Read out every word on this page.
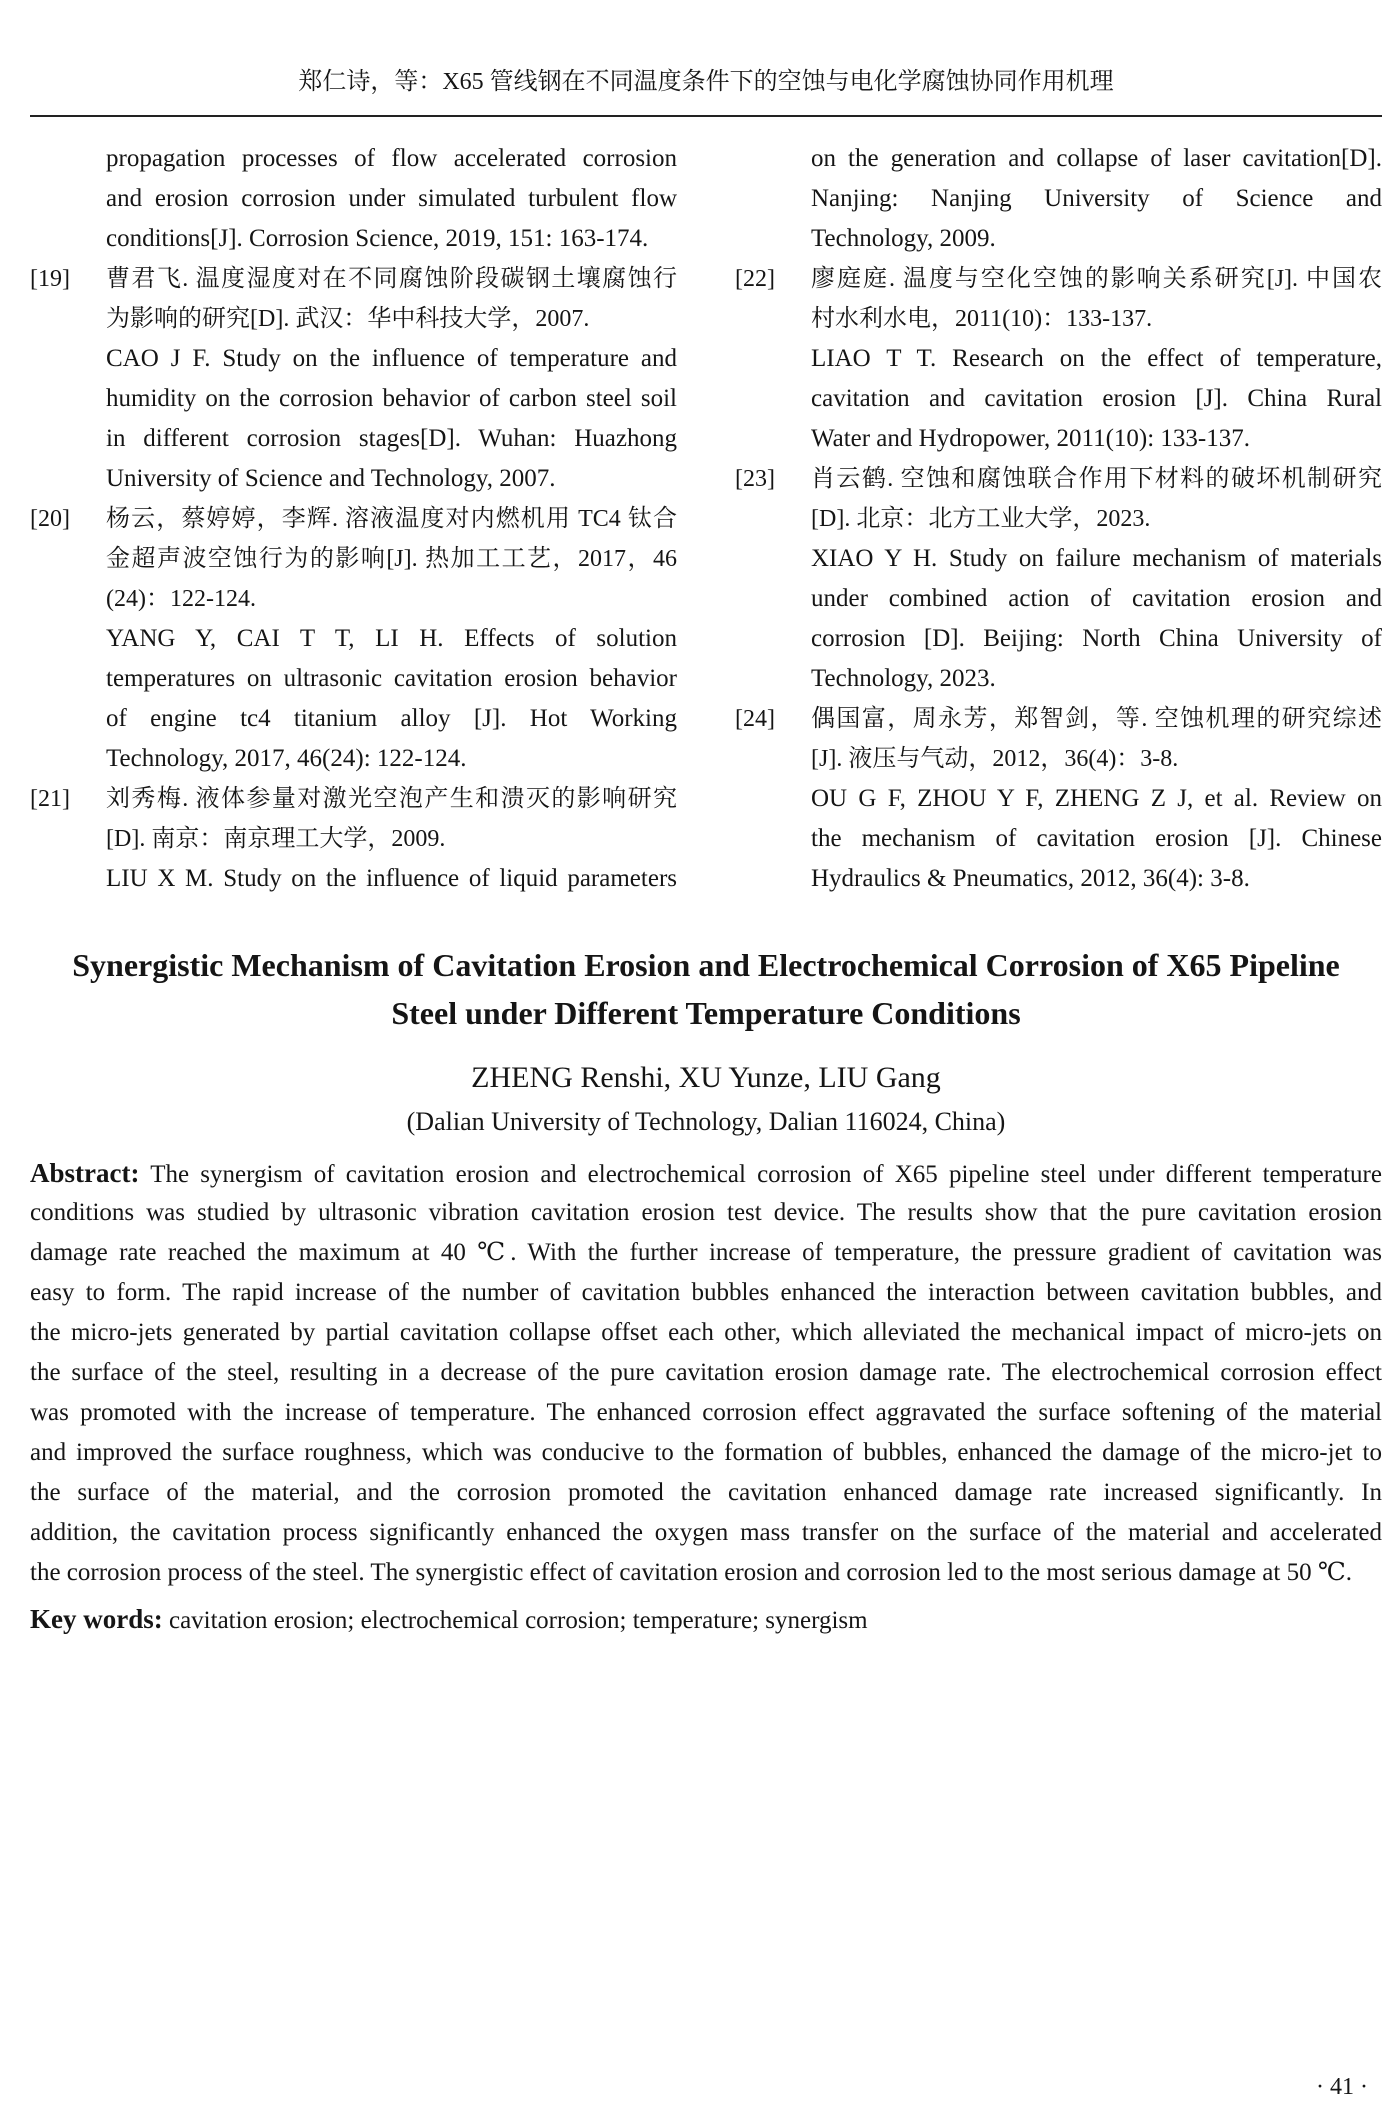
郑仁诗，等：X65 管线钢在不同温度条件下的空蚀与电化学腐蚀协同作用机理
propagation processes of flow accelerated corrosion
and erosion corrosion under simulated turbulent flow
conditions[J]. Corrosion Science, 2019, 151: 163-174.
[19] 曹君飞. 温度湿度对在不同腐蚀阶段碳钢土壤腐蚀行
为影响的研究[D]. 武汉：华中科技大学，2007.
CAO J F. Study on the influence of temperature and
humidity on the corrosion behavior of carbon steel soil
in different corrosion stages[D]. Wuhan: Huazhong
University of Science and Technology, 2007.
[20] 杨云，蔡婷婷，李辉. 溶液温度对内燃机用 TC4 钛合
金超声波空蚀行为的影响[J]. 热加工工艺，2017，46
(24)：122-124.
YANG Y, CAI T T, LI H. Effects of solution
temperatures on ultrasonic cavitation erosion behavior
of engine tc4 titanium alloy [J]. Hot Working
Technology, 2017, 46(24): 122-124.
[21] 刘秀梅. 液体参量对激光空泡产生和溃灭的影响研究
[D]. 南京：南京理工大学，2009.
LIU X M. Study on the influence of liquid parameters
on the generation and collapse of laser cavitation[D].
Nanjing: Nanjing University of Science and
Technology, 2009.
[22] 廖庭庭. 温度与空化空蚀的影响关系研究[J]. 中国农
村水利水电，2011(10)：133-137.
LIAO T T. Research on the effect of temperature,
cavitation and cavitation erosion [J]. China Rural
Water and Hydropower, 2011(10): 133-137.
[23] 肖云鹤. 空蚀和腐蚀联合作用下材料的破坏机制研究
[D]. 北京：北方工业大学，2023.
XIAO Y H. Study on failure mechanism of materials
under combined action of cavitation erosion and
corrosion [D]. Beijing: North China University of
Technology, 2023.
[24] 偶国富，周永芳，郑智剑，等. 空蚀机理的研究综述
[J]. 液压与气动，2012，36(4)：3-8.
OU G F, ZHOU Y F, ZHENG Z J, et al. Review on
the mechanism of cavitation erosion [J]. Chinese
Hydraulics & Pneumatics, 2012, 36(4): 3-8.
Synergistic Mechanism of Cavitation Erosion and Electrochemical Corrosion of X65 Pipeline
Steel under Different Temperature Conditions
ZHENG Renshi, XU Yunze, LIU Gang
(Dalian University of Technology, Dalian 116024, China)
Abstract: The synergism of cavitation erosion and electrochemical corrosion of X65 pipeline steel under different temperature
conditions was studied by ultrasonic vibration cavitation erosion test device. The results show that the pure cavitation erosion
damage rate reached the maximum at 40 ℃. With the further increase of temperature, the pressure gradient of cavitation was
easy to form. The rapid increase of the number of cavitation bubbles enhanced the interaction between cavitation bubbles, and
the micro-jets generated by partial cavitation collapse offset each other, which alleviated the mechanical impact of micro-jets on
the surface of the steel, resulting in a decrease of the pure cavitation erosion damage rate. The electrochemical corrosion effect
was promoted with the increase of temperature. The enhanced corrosion effect aggravated the surface softening of the material
and improved the surface roughness, which was conducive to the formation of bubbles, enhanced the damage of the micro-jet to
the surface of the material, and the corrosion promoted the cavitation enhanced damage rate increased significantly. In
addition, the cavitation process significantly enhanced the oxygen mass transfer on the surface of the material and accelerated
the corrosion process of the steel. The synergistic effect of cavitation erosion and corrosion led to the most serious damage at 50 ℃.
Key words: cavitation erosion; electrochemical corrosion; temperature; synergism
· 41 ·
